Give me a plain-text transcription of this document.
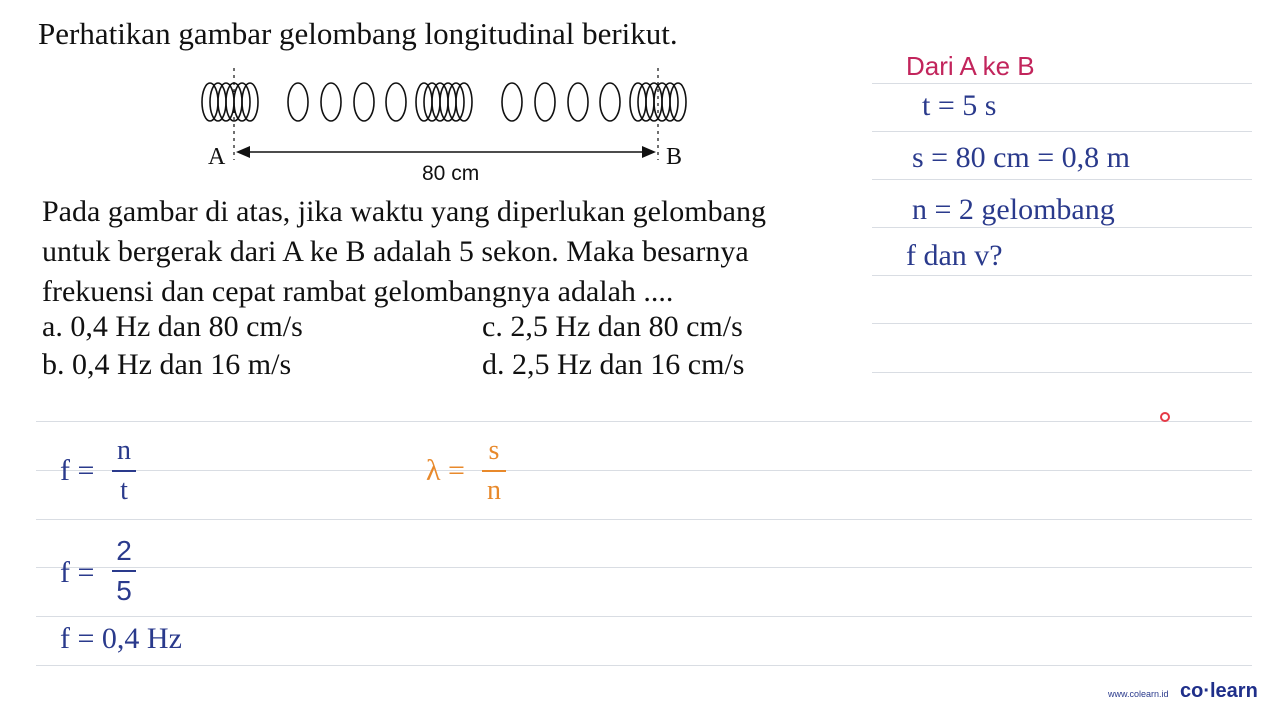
Perhatikan gambar gelombang longitudinal berikut.
A	B
80 cm
Pada gambar di atas, jika waktu yang diperlukan gelombang
untuk bergerak dari A ke B adalah 5 sekon. Maka besarnya
frekuensi dan cepat rambat gelombangnya adalah ....
a. 0,4 Hz dan 80 cm/s
b. 0,4 Hz dan 16 m/s
c. 2,5 Hz dan 80 cm/s
d. 2,5 Hz dan 16 cm/s
Dari A ke B
t = 5 s
s = 80 cm = 0,8 m
n = 2 gelombang
f dan v?
f =
n
t
λ =
s
n
f =
2
5
f = 0,4 Hz
www.colearn.id co·learn
